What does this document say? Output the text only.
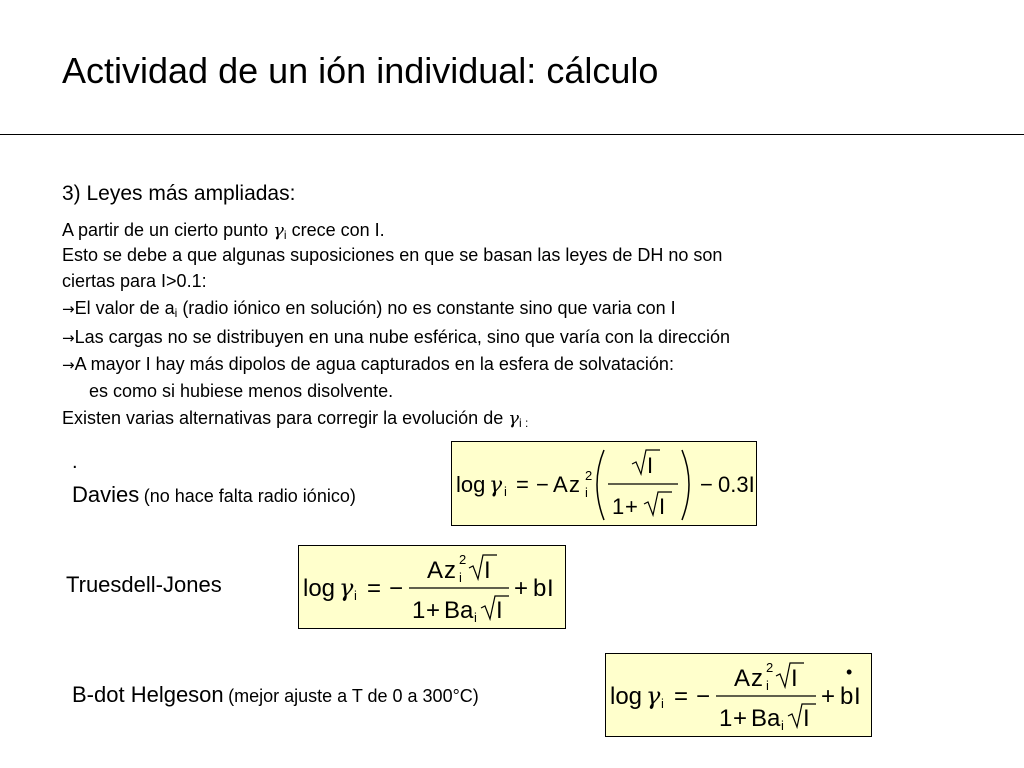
Actividad de un ión individual: cálculo
3) Leyes más ampliadas:
A partir de un cierto punto $\gamma_i$ crece con I.
Esto se debe a que algunas suposiciones en que se basan las leyes de DH no son
ciertas para I>0.1:
→El valor de $a_i$ (radio iónico en solución) no es constante sino que varia con I
→Las cargas no se distribuyen en una nube esférica, sino que varía con la dirección
→A mayor I hay más dipolos de agua capturados en la esfera de solvatación:
es como si hubiese menos disolvente.
Existen varias alternativas para corregir la evolución de $\gamma_{i :}$
.
Davies (no hace falta radio iónico)
Truesdell-Jones
B-dot Helgeson (mejor ajuste a T de 0 a 300°C)
log γ i = − A z 2
i
I
1 + I
− 0.3I
log γ i = −
A z 2
i I
1 + B a i I
+ b I
log γ i = −
A z 2
i I
1 + B a i I
+ b
•
I
